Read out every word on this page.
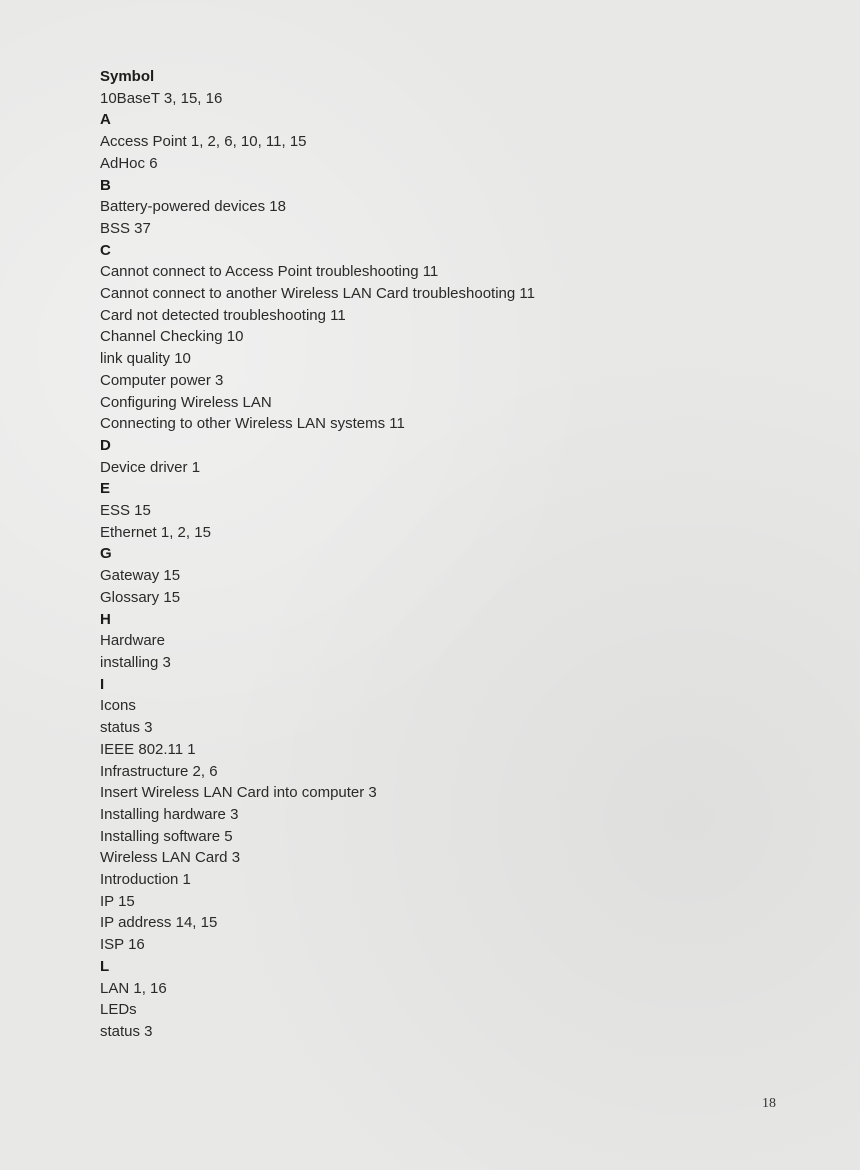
Symbol
10BaseT 3, 15, 16
A
Access Point 1, 2, 6, 10, 11, 15
AdHoc 6
B
Battery-powered devices 18
BSS 37
C
Cannot connect to Access Point troubleshooting 11
Cannot connect to another Wireless LAN Card troubleshooting 11
Card not detected troubleshooting 11
Channel Checking 10
link quality 10
Computer power 3
Configuring Wireless LAN
Connecting to other Wireless LAN systems 11
D
Device driver 1
E
ESS 15
Ethernet 1, 2, 15
G
Gateway 15
Glossary 15
H
Hardware
installing 3
I
Icons
status 3
IEEE 802.11 1
Infrastructure 2, 6
Insert Wireless LAN Card into computer 3
Installing hardware 3
Installing software 5
Wireless LAN Card 3
Introduction 1
IP 15
IP address 14, 15
ISP 16
L
LAN 1, 16
LEDs
status 3
18
